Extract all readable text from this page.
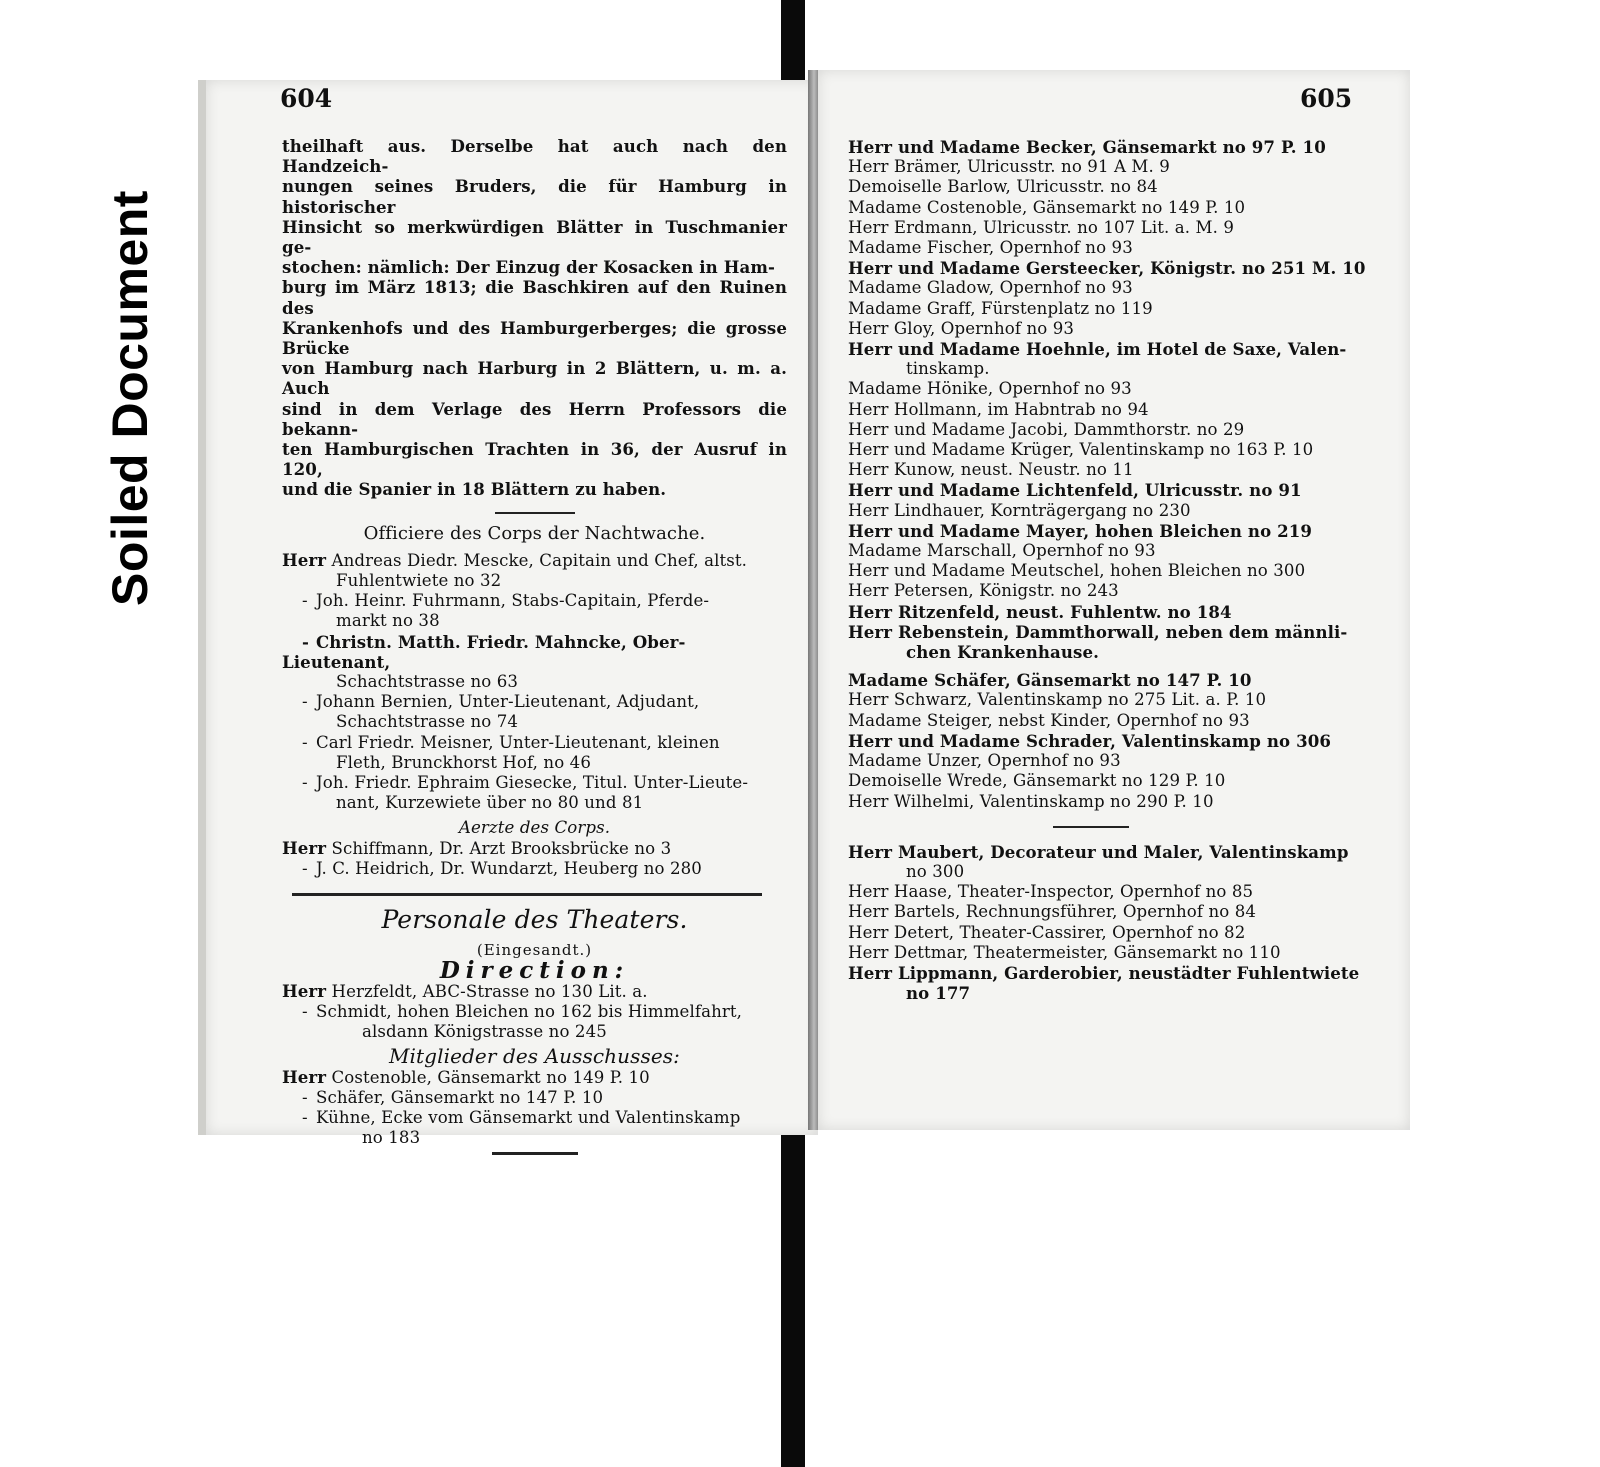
Soiled Document
604	605

theilhaft aus. Derselbe hat auch nach den Handzeich-

nungen seines Bruders, die für Hamburg in historischer

Hinsicht so merkwürdigen Blätter in Tuschmanier ge-

stochen: nämlich: Der Einzug der Kosacken in Ham-

burg im März 1813; die Baschkiren auf den Ruinen des

Krankenhofs und des Hamburgerberges; die grosse Brücke

von Hamburg nach Harburg in 2 Blättern, u. m. a. Auch

sind in dem Verlage des Herrn Professors die bekann-

ten Hamburgischen Trachten in 36, der Ausruf in 120,

und die Spanier in 18 Blättern zu haben.

Officiere des Corps der Nachtwache.

Herr Andreas Diedr. Mescke, Capitain und Chef, altst.
Fuhlentwiete no 32
- Joh. Heinr. Fuhrmann, Stabs-Capitain, Pferde-
markt no 38
- Christn. Matth. Friedr. Mahncke, Ober-Lieutenant,
Schachtstrasse no 63
- Johann Bernien, Unter-Lieutenant, Adjudant,
Schachtstrasse no 74
- Carl Friedr. Meisner, Unter-Lieutenant, kleinen
Fleth, Brunckhorst Hof, no 46
- Joh. Friedr. Ephraim Giesecke, Titul. Unter-Lieute-
nant, Kurzewiete über no 80 und 81

Aerzte des Corps.

Herr Schiffmann, Dr. Arzt Brooksbrücke no 3
- J. C. Heidrich, Dr. Wundarzt, Heuberg no 280

Personale des Theaters.

(Eingesandt.)

Direction:

Herr Herzfeldt, ABC-Strasse no 130 Lit. a.
- Schmidt, hohen Bleichen no 162 bis Himmelfahrt,
alsdann Königstrasse no 245

Mitglieder des Ausschusses:

Herr Costenoble, Gänsemarkt no 149 P. 10
- Schäfer, Gänsemarkt no 147 P. 10
- Kühne, Ecke vom Gänsemarkt und Valentinskamp
no 183
Herr und Madame Becker, Gänsemarkt no 97 P. 10
Herr Brämer, Ulricusstr. no 91 A M. 9
Demoiselle Barlow, Ulricusstr. no 84
Madame Costenoble, Gänsemarkt no 149 P. 10
Herr Erdmann, Ulricusstr. no 107 Lit. a. M. 9
Madame Fischer, Opernhof no 93
Herr und Madame Gersteecker, Königstr. no 251 M. 10
Madame Gladow, Opernhof no 93
Madame Graff, Fürstenplatz no 119
Herr Gloy, Opernhof no 93
Herr und Madame Hoehnle, im Hotel de Saxe, Valen-
tinskamp.
Madame Hönike, Opernhof no 93
Herr Hollmann, im Habntrab no 94
Herr und Madame Jacobi, Dammthorstr. no 29
Herr und Madame Krüger, Valentinskamp no 163 P. 10
Herr Kunow, neust. Neustr. no 11
Herr und Madame Lichtenfeld, Ulricusstr. no 91
Herr Lindhauer, Kornträgergang no 230
Herr und Madame Mayer, hohen Bleichen no 219
Madame Marschall, Opernhof no 93
Herr und Madame Meutschel, hohen Bleichen no 300
Herr Petersen, Königstr. no 243
Herr Ritzenfeld, neust. Fuhlentw. no 184
Herr Rebenstein, Dammthorwall, neben dem männli-
chen Krankenhause.
Madame Schäfer, Gänsemarkt no 147 P. 10
Herr Schwarz, Valentinskamp no 275 Lit. a. P. 10
Madame Steiger, nebst Kinder, Opernhof no 93
Herr und Madame Schrader, Valentinskamp no 306
Madame Unzer, Opernhof no 93
Demoiselle Wrede, Gänsemarkt no 129 P. 10
Herr Wilhelmi, Valentinskamp no 290 P. 10
Herr Maubert, Decorateur und Maler, Valentinskamp
no 300
Herr Haase, Theater-Inspector, Opernhof no 85
Herr Bartels, Rechnungsführer, Opernhof no 84
Herr Detert, Theater-Cassirer, Opernhof no 82
Herr Dettmar, Theatermeister, Gänsemarkt no 110
Herr Lippmann, Garderobier, neustädter Fuhlentwiete
no 177
